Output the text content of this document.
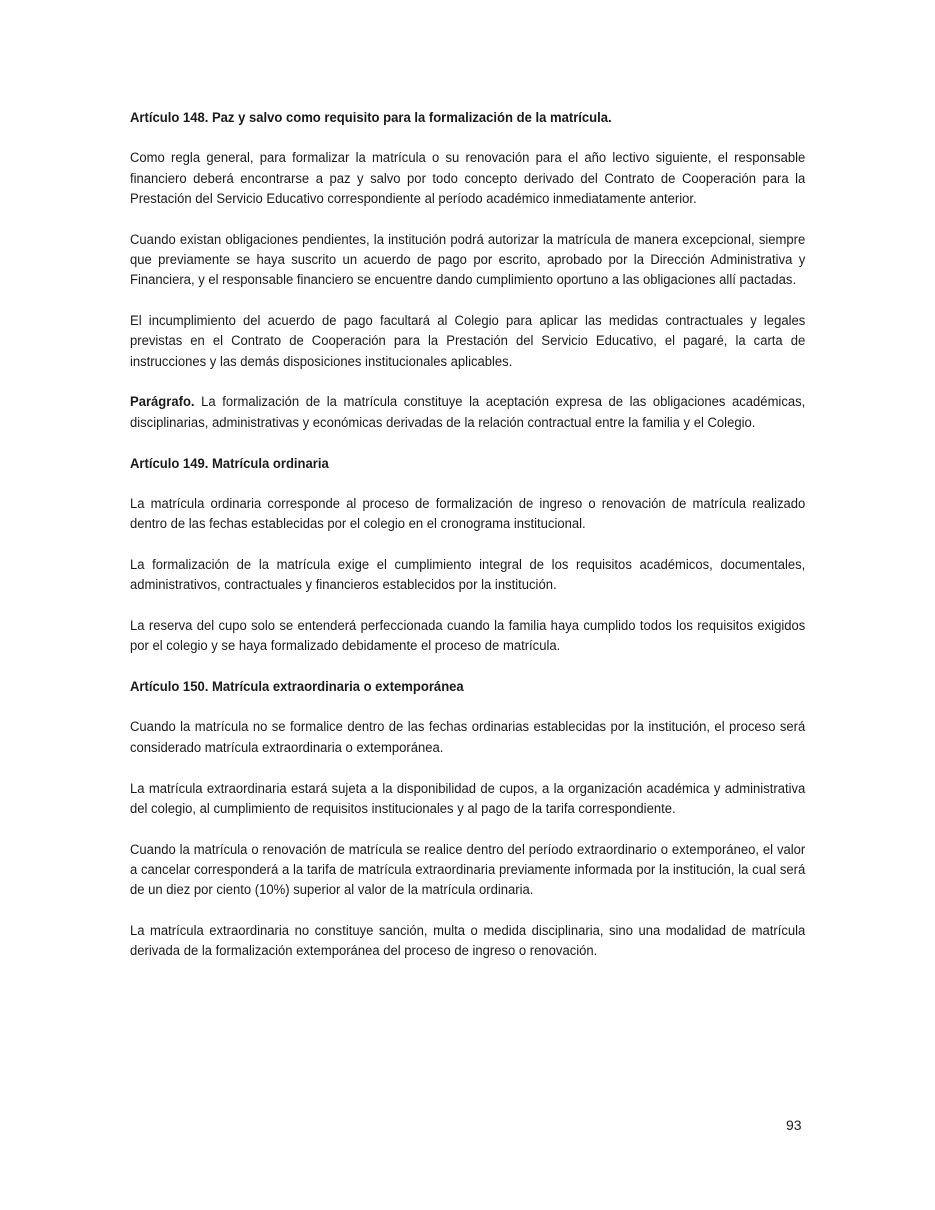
Artículo 148. Paz y salvo como requisito para la formalización de la matrícula.

Como regla general, para formalizar la matrícula o su renovación para el año lectivo siguiente, el responsable financiero deberá encontrarse a paz y salvo por todo concepto derivado del Contrato de Cooperación para la Prestación del Servicio Educativo correspondiente al período académico inmediatamente anterior.

Cuando existan obligaciones pendientes, la institución podrá autorizar la matrícula de manera excepcional, siempre que previamente se haya suscrito un acuerdo de pago por escrito, aprobado por la Dirección Administrativa y Financiera, y el responsable financiero se encuentre dando cumplimiento oportuno a las obligaciones allí pactadas.

El incumplimiento del acuerdo de pago facultará al Colegio para aplicar las medidas contractuales y legales previstas en el Contrato de Cooperación para la Prestación del Servicio Educativo, el pagaré, la carta de instrucciones y las demás disposiciones institucionales aplicables.

Parágrafo. La formalización de la matrícula constituye la aceptación expresa de las obligaciones académicas, disciplinarias, administrativas y económicas derivadas de la relación contractual entre la familia y el Colegio.

Artículo 149. Matrícula ordinaria

La matrícula ordinaria corresponde al proceso de formalización de ingreso o renovación de matrícula realizado dentro de las fechas establecidas por el colegio en el cronograma institucional.

La formalización de la matrícula exige el cumplimiento integral de los requisitos académicos, documentales, administrativos, contractuales y financieros establecidos por la institución.

La reserva del cupo solo se entenderá perfeccionada cuando la familia haya cumplido todos los requisitos exigidos por el colegio y se haya formalizado debidamente el proceso de matrícula.

Artículo 150. Matrícula extraordinaria o extemporánea

Cuando la matrícula no se formalice dentro de las fechas ordinarias establecidas por la institución, el proceso será considerado matrícula extraordinaria o extemporánea.

La matrícula extraordinaria estará sujeta a la disponibilidad de cupos, a la organización académica y administrativa del colegio, al cumplimiento de requisitos institucionales y al pago de la tarifa correspondiente.

Cuando la matrícula o renovación de matrícula se realice dentro del período extraordinario o extemporáneo, el valor a cancelar corresponderá a la tarifa de matrícula extraordinaria previamente informada por la institución, la cual será de un diez por ciento (10%) superior al valor de la matrícula ordinaria.

La matrícula extraordinaria no constituye sanción, multa o medida disciplinaria, sino una modalidad de matrícula derivada de la formalización extemporánea del proceso de ingreso o renovación.

93
